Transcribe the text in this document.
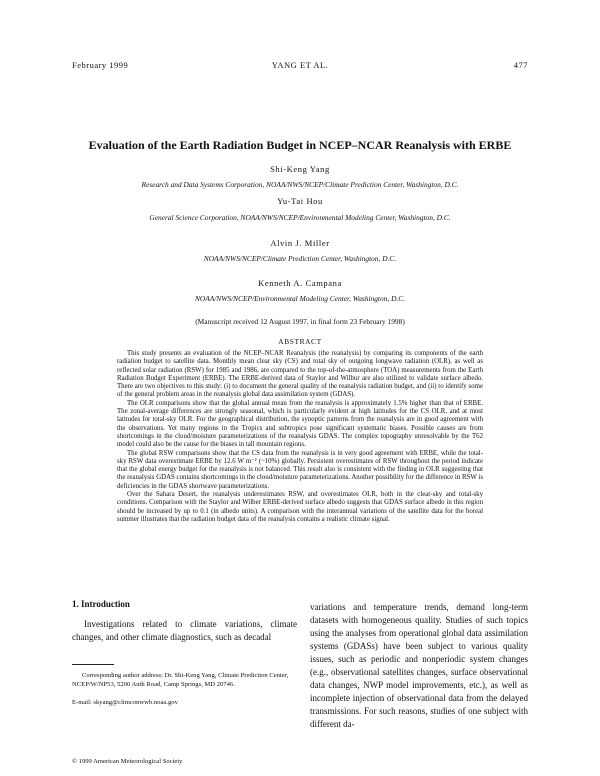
February 1999	YANG ET AL.	477
Evaluation of the Earth Radiation Budget in NCEP–NCAR Reanalysis with ERBE
Shi-Keng Yang
Research and Data Systems Corporation, NOAA/NWS/NCEP/Climate Prediction Center, Washington, D.C.
Yu-Tai Hou
General Science Corporation, NOAA/NWS/NCEP/Environmental Modeling Center, Washington, D.C.
Alvin J. Miller
NOAA/NWS/NCEP/Climate Prediction Center, Washington, D.C.
Kenneth A. Campana
NOAA/NWS/NCEP/Environmental Modeling Center, Washington, D.C.
(Manuscript received 12 August 1997, in final form 23 February 1998)
ABSTRACT

This study presents an evaluation of the NCEP–NCAR Reanalysis (the reanalysis) by comparing its components of the earth radiation budget to satellite data. Monthly mean clear sky (CS) and total sky of outgoing longwave radiation (OLR), as well as reflected solar radiation (RSW) for 1985 and 1986, are compared to the top-of-the-atmosphere (TOA) measurements from the Earth Radiation Budget Experiment (ERBE). The ERBE-derived data of Staylor and Wilbur are also utilized to validate surface albedo. There are two objectives to this study: (i) to document the general quality of the reanalysis radiation budget, and (ii) to identify some of the general problem areas in the reanalysis global data assimilation system (GDAS).

The OLR comparisons show that the global annual mean from the reanalysis is approximately 1.5% higher than that of ERBE. The zonal-average differences are strongly seasonal, which is particularly evident at high latitudes for the CS OLR, and at most latitudes for total-sky OLR. For the geographical distribution, the synoptic patterns from the reanalysis are in good agreement with the observations. Yet many regions in the Tropics and subtropics pose significant systematic biases. Possible causes are from shortcomings in the cloud/moisture parameterizations of the reanalysis GDAS. The complex topography unresolvable by the T62 model could also be the cause for the biases in tall mountain regions.

The global RSW comparisons show that the CS data from the reanalysis is in very good agreement with ERBE, while the total-sky RSW data overestimate ERBE by 12.6 W m⁻² (~10%) globally. Persistent overestimates of RSW throughout the period indicate that the global energy budget for the reanalysis is not balanced. This result also is consistent with the finding in OLR suggesting that the reanalysis GDAS contains shortcomings in the cloud/moisture parameterizations. Another possibility for the difference in RSW is deficiencies in the GDAS shortwave parameterizations.

Over the Sahara Desert, the reanalysis underestimates RSW, and overestimates OLR, both in the clear-sky and total-sky conditions. Comparison with the Staylor and Wilber ERBE-derived surface albedo suggests that GDAS surface albedo in this region should be increased by up to 0.1 (in albedo units). A comparison with the interannual variations of the satellite data for the boreal summer illustrates that the radiation budget data of the reanalysis contains a realistic climate signal.

1. Introduction

Investigations related to climate variations, climate changes, and other climate diagnostics, such as decadal

variations and temperature trends, demand long-term datasets with homogeneous quality. Studies of such topics using the analyses from operational global data assimilation systems (GDASs) have been subject to various quality issues, such as periodic and nonperiodic system changes (e.g., observational satellites changes, surface observational data changes, NWP model improvements, etc.), as well as incomplete injection of observational data from the delayed transmissions. For such reasons, studies of one subject with different da-

Corresponding author address: Dr. Shi-Keng Yang, Climate Prediction Center, NCEP/W/NP53, 5200 Auth Road, Camp Springs, MD 20746.
E-mail: skyang@climconwwb.noaa.gov
© 1999 American Meteorological Society
